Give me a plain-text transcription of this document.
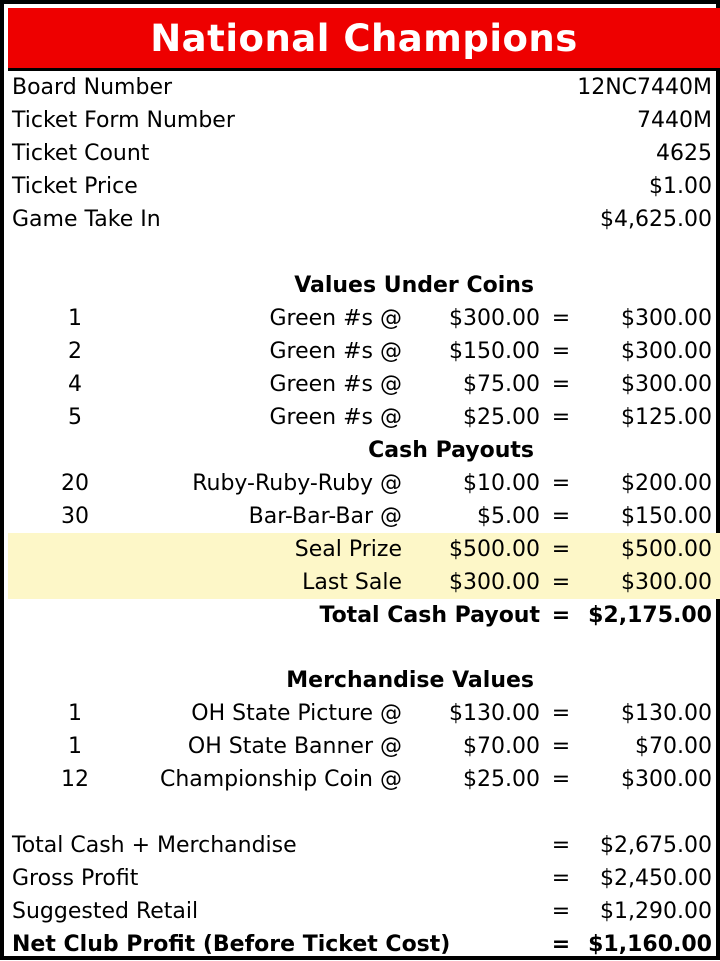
National Champions
Board Number	12NC7440M
Ticket Form Number	7440M
Ticket Count	4625
Ticket Price	$1.00
Game Take In	$4,625.00
Values Under Coins
1	Green #s @ $300.00 = $300.00
2	Green #s @ $150.00 = $300.00
4	Green #s @	$75.00 = $300.00
5	Green #s @	$25.00 = $125.00
Cash Payouts
20	Ruby-Ruby-Ruby @	$10.00 = $200.00
30	Bar-Bar-Bar @	$5.00 = $150.00
Seal Prize $500.00 = $500.00
Last Sale $300.00 = $300.00
Total Cash Payout = $2,175.00
Merchandise Values
1	OH State Picture @ $130.00 = $130.00
1	OH State Banner @	$70.00 =	$70.00
12	Championship Coin @	$25.00 = $300.00
Total Cash + Merchandise	= $2,675.00
Gross Profit	= $2,450.00
Suggested Retail	= $1,290.00
Net Club Profit (Before Ticket Cost)	= $1,160.00
